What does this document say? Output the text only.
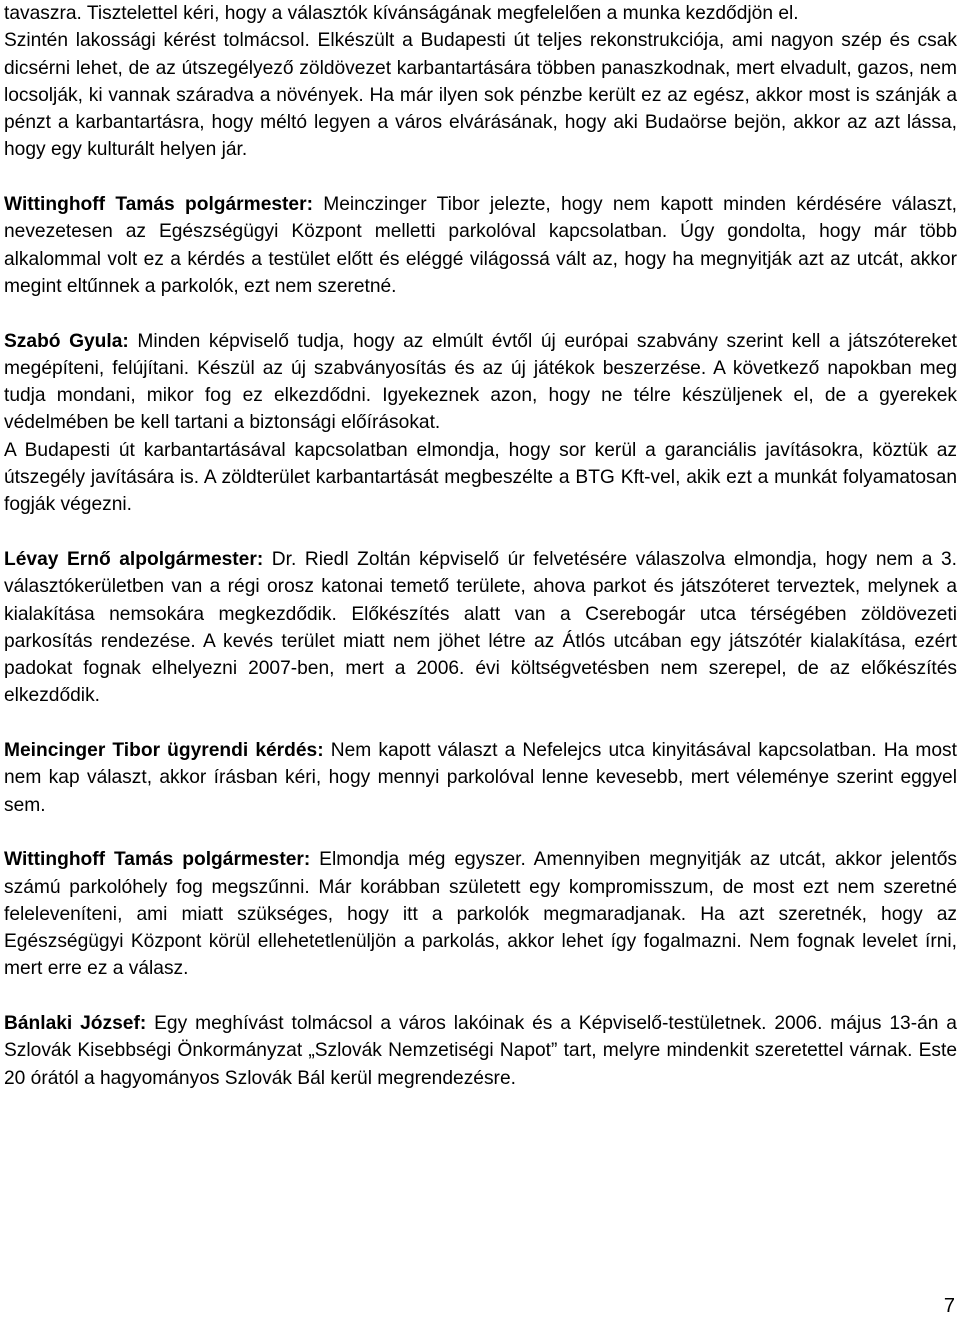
tavaszra. Tisztelettel kéri, hogy a választók kívánságának megfelelően a munka kezdődjön el.

Szintén lakossági kérést tolmácsol. Elkészült a Budapesti út teljes rekonstrukciója, ami nagyon szép és csak dicsérni lehet, de az útszegélyező zöldövezet karbantartására többen panaszkodnak, mert elvadult, gazos, nem locsolják, ki vannak száradva a növények. Ha már ilyen sok pénzbe került ez az egész, akkor most is szánják a pénzt a karbantartásra, hogy méltó legyen a város elvárásának, hogy aki Budaörse bejön, akkor az azt lássa, hogy egy kulturált helyen jár.

Wittinghoff Tamás polgármester: Meinczinger Tibor jelezte, hogy nem kapott minden kérdésére választ, nevezetesen az Egészségügyi Központ melletti parkolóval kapcsolatban. Úgy gondolta, hogy már több alkalommal volt ez a kérdés a testület előtt és eléggé világossá vált az, hogy ha megnyitják azt az utcát, akkor megint eltűnnek a parkolók, ezt nem szeretné.

Szabó Gyula: Minden képviselő tudja, hogy az elmúlt évtől új európai szabvány szerint kell a játszótereket megépíteni, felújítani. Készül az új szabványosítás és az új játékok beszerzése. A következő napokban meg tudja mondani, mikor fog ez elkezdődni. Igyekeznek azon, hogy ne télre készüljenek el, de a gyerekek védelmében be kell tartani a biztonsági előírásokat.

A Budapesti út karbantartásával kapcsolatban elmondja, hogy sor kerül a garanciális javításokra, köztük az útszegély javítására is. A zöldterület karbantartását megbeszélte a BTG Kft-vel, akik ezt a munkát folyamatosan fogják végezni.

Lévay Ernő alpolgármester: Dr. Riedl Zoltán képviselő úr felvetésére válaszolva elmondja, hogy nem a 3. választókerületben van a régi orosz katonai temető területe, ahova parkot és játszóteret terveztek, melynek a kialakítása nemsokára megkezdődik. Előkészítés alatt van a Cserebogár utca térségében zöldövezeti parkosítás rendezése. A kevés terület miatt nem jöhet létre az Átlós utcában egy játszótér kialakítása, ezért padokat fognak elhelyezni 2007-ben, mert a 2006. évi költségvetésben nem szerepel, de az előkészítés elkezdődik.

Meincinger Tibor ügyrendi kérdés: Nem kapott választ a Nefelejcs utca kinyitásával kapcsolatban. Ha most nem kap választ, akkor írásban kéri, hogy mennyi parkolóval lenne kevesebb, mert véleménye szerint eggyel sem.

Wittinghoff Tamás polgármester: Elmondja még egyszer. Amennyiben megnyitják az utcát, akkor jelentős számú parkolóhely fog megszűnni. Már korábban született egy kompromisszum, de most ezt nem szeretné feleleveníteni, ami miatt szükséges, hogy itt a parkolók megmaradjanak. Ha azt szeretnék, hogy az Egészségügyi Központ körül ellehetetlenüljön a parkolás, akkor lehet így fogalmazni. Nem fognak levelet írni, mert erre ez a válasz.

Bánlaki József: Egy meghívást tolmácsol a város lakóinak és a Képviselő-testületnek. 2006. május 13-án a Szlovák Kisebbségi Önkormányzat „Szlovák Nemzetiségi Napot” tart, melyre mindenkit szeretettel várnak. Este 20 órától a hagyományos Szlovák Bál kerül megrendezésre.

7
